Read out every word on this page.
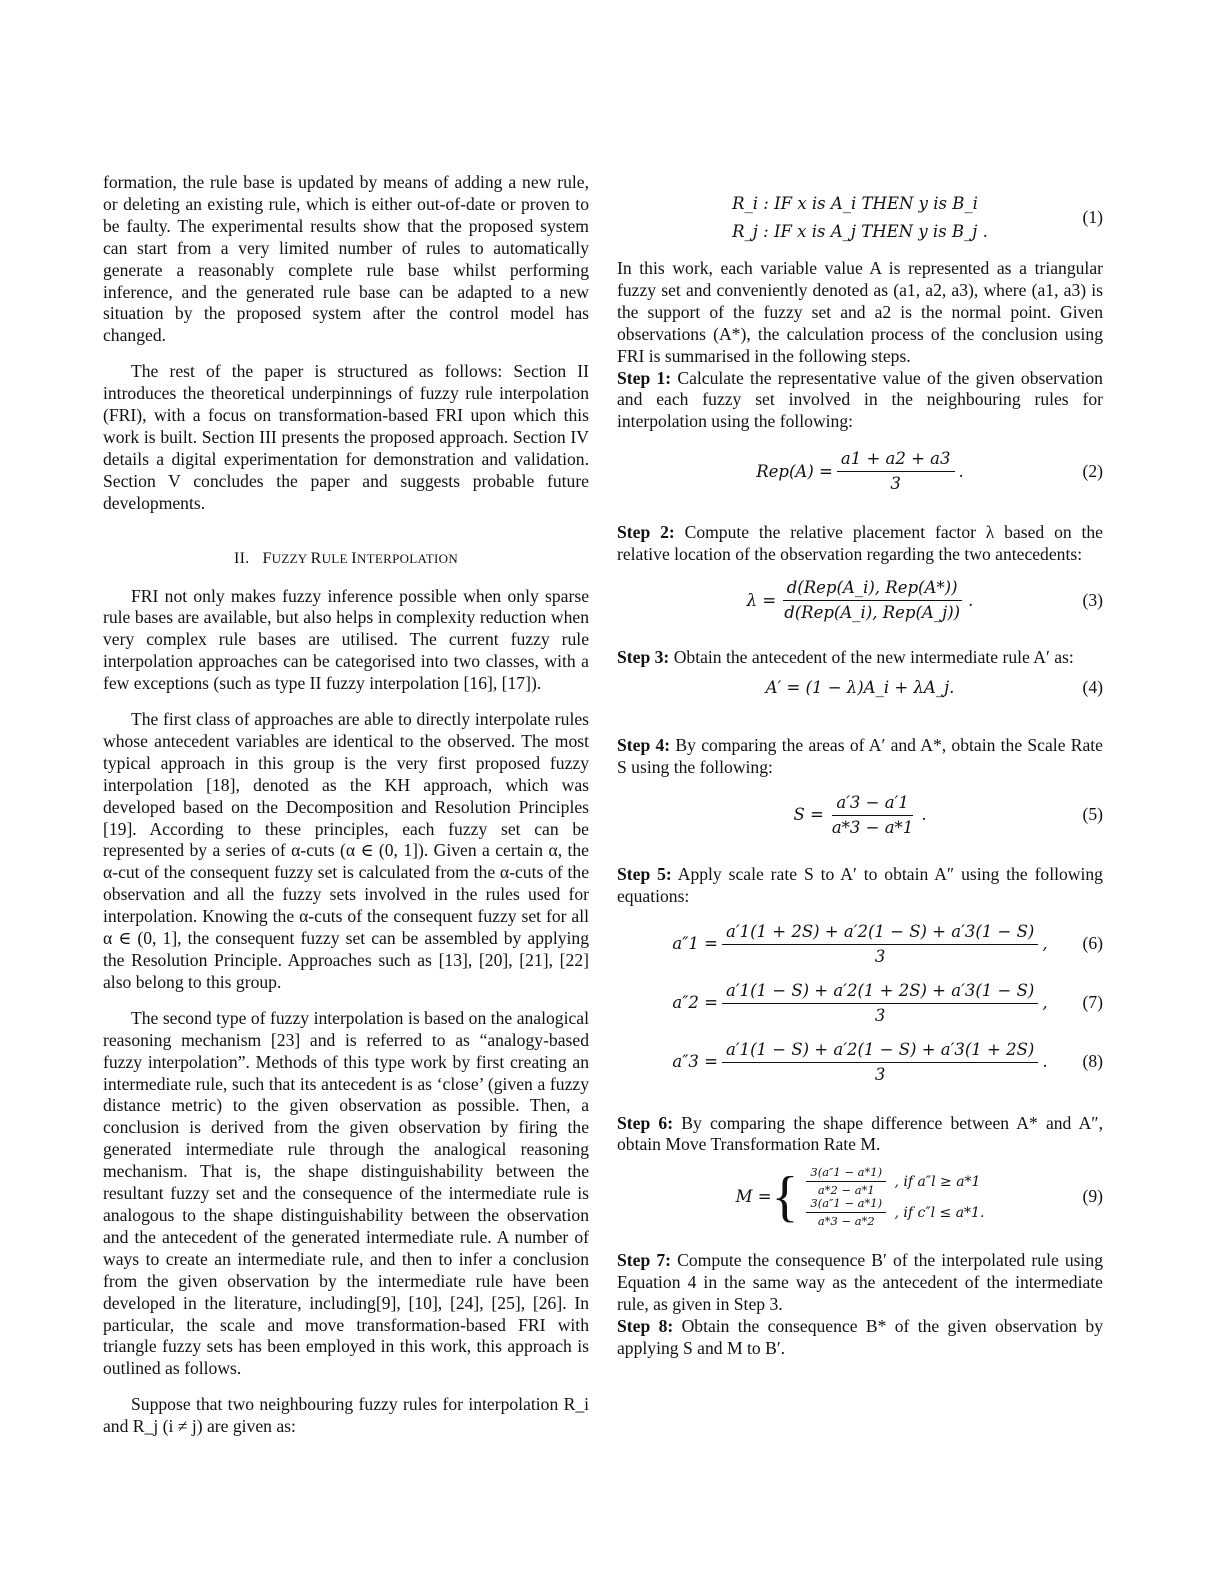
formation, the rule base is updated by means of adding a new rule, or deleting an existing rule, which is either out-of-date or proven to be faulty. The experimental results show that the proposed system can start from a very limited number of rules to automatically generate a reasonably complete rule base whilst performing inference, and the generated rule base can be adapted to a new situation by the proposed system after the control model has changed.

The rest of the paper is structured as follows: Section II introduces the theoretical underpinnings of fuzzy rule interpolation (FRI), with a focus on transformation-based FRI upon which this work is built. Section III presents the proposed approach. Section IV details a digital experimentation for demonstration and validation. Section V concludes the paper and suggests probable future developments.

II. FUZZY RULE INTERPOLATION

FRI not only makes fuzzy inference possible when only sparse rule bases are available, but also helps in complexity reduction when very complex rule bases are utilised. The current fuzzy rule interpolation approaches can be categorised into two classes, with a few exceptions (such as type II fuzzy interpolation [16], [17]).

The first class of approaches are able to directly interpolate rules whose antecedent variables are identical to the observed. The most typical approach in this group is the very first proposed fuzzy interpolation [18], denoted as the KH approach, which was developed based on the Decomposition and Resolution Principles [19]. According to these principles, each fuzzy set can be represented by a series of α-cuts (α ∈ (0, 1]). Given a certain α, the α-cut of the consequent fuzzy set is calculated from the α-cuts of the observation and all the fuzzy sets involved in the rules used for interpolation. Knowing the α-cuts of the consequent fuzzy set for all α ∈ (0, 1], the consequent fuzzy set can be assembled by applying the Resolution Principle. Approaches such as [13], [20], [21], [22] also belong to this group.

The second type of fuzzy interpolation is based on the analogical reasoning mechanism [23] and is referred to as “analogy-based fuzzy interpolation”. Methods of this type work by first creating an intermediate rule, such that its antecedent is as ‘close’ (given a fuzzy distance metric) to the given observation as possible. Then, a conclusion is derived from the given observation by firing the generated intermediate rule through the analogical reasoning mechanism. That is, the shape distinguishability between the resultant fuzzy set and the consequence of the intermediate rule is analogous to the shape distinguishability between the observation and the antecedent of the generated intermediate rule. A number of ways to create an intermediate rule, and then to infer a conclusion from the given observation by the intermediate rule have been developed in the literature, including[9], [10], [24], [25], [26]. In particular, the scale and move transformation-based FRI with triangle fuzzy sets has been employed in this work, this approach is outlined as follows.

Suppose that two neighbouring fuzzy rules for interpolation R_i and R_j (i ≠ j) are given as:

R_i : IF x is A_i THEN y is B_i
R_j : IF x is A_j THEN y is B_j .
(1)

In this work, each variable value A is represented as a triangular fuzzy set and conveniently denoted as (a1, a2, a3), where (a1, a3) is the support of the fuzzy set and a2 is the normal point. Given observations (A*), the calculation process of the conclusion using FRI is summarised in the following steps.

Step 1: Calculate the representative value of the given observation and each fuzzy set involved in the neighbouring rules for interpolation using the following:

$Rep(A) = \frac{a1 + a2 + a3}{3}$ .	(2)

Step 2: Compute the relative placement factor λ based on the relative location of the observation regarding the two antecedents:

$\lambda = \frac{\text{d(Rep(A\_i), Rep(A*))}}{\text{d(Rep(A\_i), Rep(A\_j))}}$ .	(3)

Step 3: Obtain the antecedent of the new intermediate rule A′ as:

A′ = (1 − λ)A_i + λA_j.	(4)

Step 4: By comparing the areas of A′ and A*, obtain the Scale Rate S using the following:

$S = \frac{a'3 - a'1}{a*3 - a*1}$ .	(5)

Step 5: Apply scale rate S to A′ to obtain A″ using the following equations:

$a''1 = \frac{a'1(1 + 2S) + a'2(1 - S) + a'3(1 - S)}{3}$ , (6)
$a''2 = \frac{a'1(1 - S) + a'2(1 + 2S) + a'3(1 - S)}{3}$ , (7)
$a''3 = \frac{a'1(1 - S) + a'2(1 - S) + a'3(1 + 2S)}{3}$ . (8)

Step 6: By comparing the shape difference between A* and A″, obtain Move Transformation Rate M.

M = { $\frac{3(a''1 - a*1)}{a*2 - a*1}$ , if a″l ≥ a*1

$\frac{3(a''1 - a*1)}{a*3 - a*2}$ , if c″l ≤ a*1.
(9)

Step 7: Compute the consequence B′ of the interpolated rule using Equation 4 in the same way as the antecedent of the intermediate rule, as given in Step 3.

Step 8: Obtain the consequence B* of the given observation by applying S and M to B′.
